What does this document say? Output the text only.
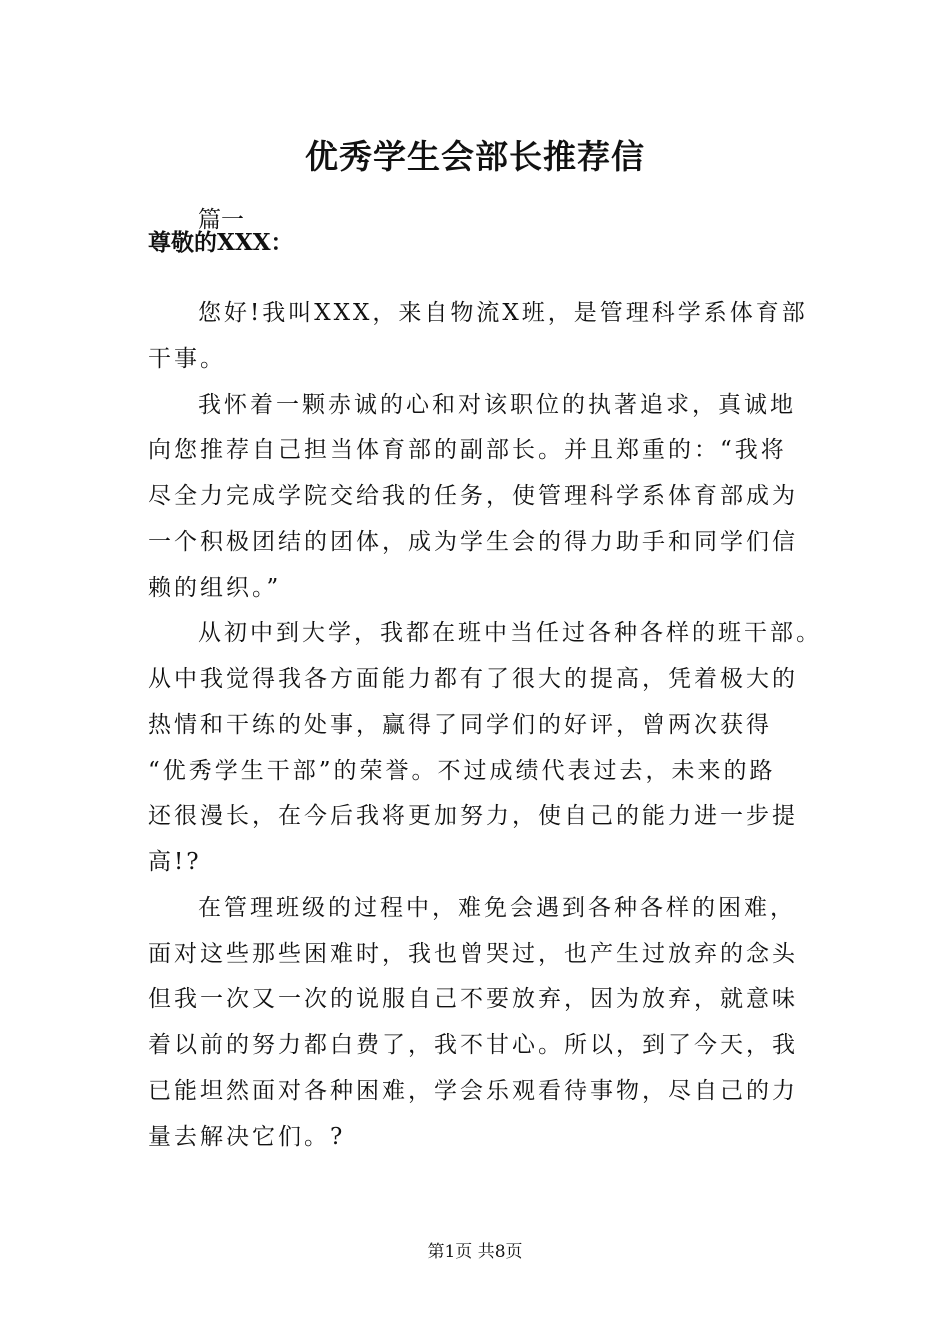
优秀学生会部长推荐信
篇一
尊敬的XXX：
您好!我叫XXX，来自物流X班，是管理科学系体育部
干事。
我怀着一颗赤诚的心和对该职位的执著追求，真诚地
向您推荐自己担当体育部的副部长。并且郑重的：“我将
尽全力完成学院交给我的任务，使管理科学系体育部成为
一个积极团结的团体，成为学生会的得力助手和同学们信
赖的组织。”
从初中到大学，我都在班中当任过各种各样的班干部。
从中我觉得我各方面能力都有了很大的提高，凭着极大的
热情和干练的处事，赢得了同学们的好评，曾两次获得
“优秀学生干部”的荣誉。不过成绩代表过去，未来的路
还很漫长，在今后我将更加努力，使自己的能力进一步提
高!?
在管理班级的过程中，难免会遇到各种各样的困难，
面对这些那些困难时，我也曾哭过，也产生过放弃的念头
但我一次又一次的说服自己不要放弃，因为放弃，就意味
着以前的努力都白费了，我不甘心。所以，到了今天，我
已能坦然面对各种困难，学会乐观看待事物，尽自己的力
量去解决它们。?
第1页 共8页
